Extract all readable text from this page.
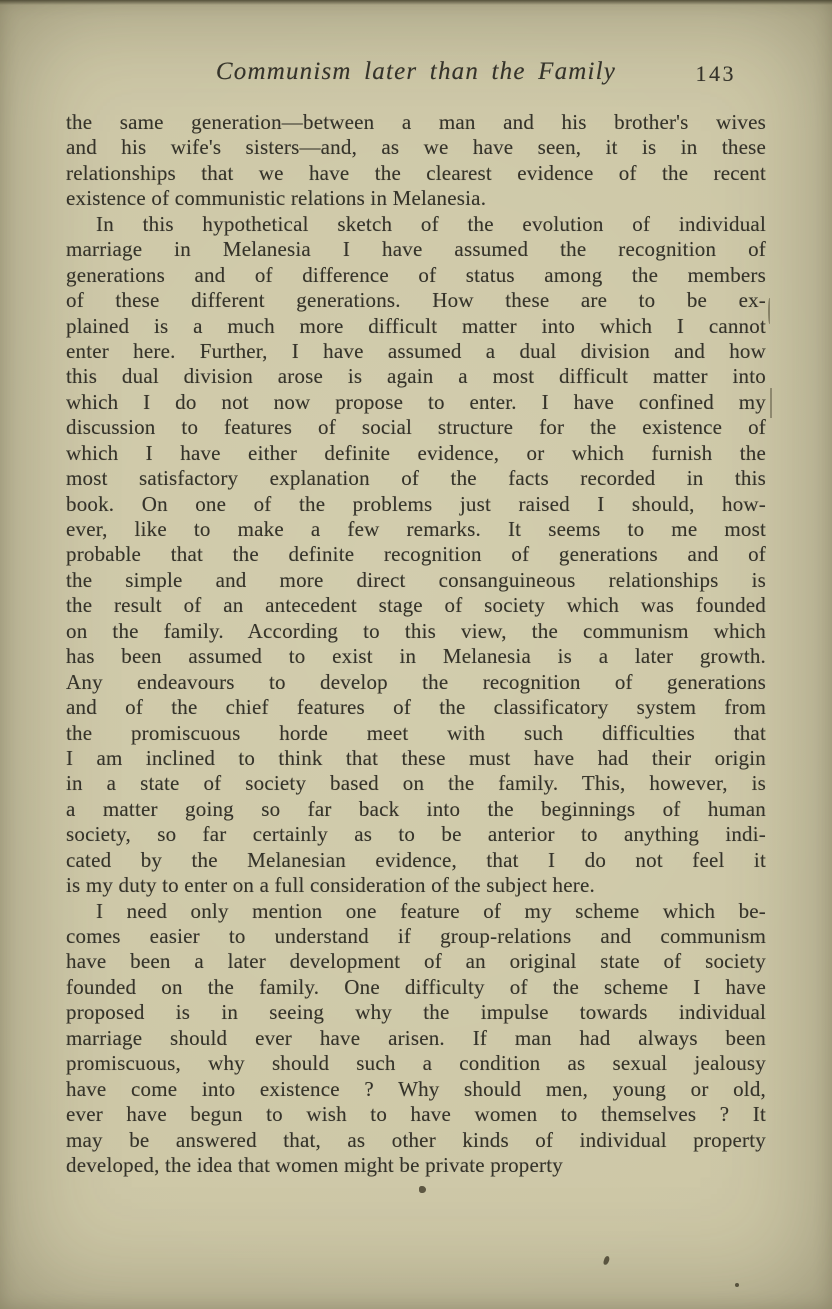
Communism later than the Family	143
the same generation—between a man and his brother's wives
and his wife's sisters—and, as we have seen, it is in these
relationships that we have the clearest evidence of the recent
existence of communistic relations in Melanesia.
In this hypothetical sketch of the evolution of individual
marriage in Melanesia I have assumed the recognition of
generations and of difference of status among the members
of these different generations. How these are to be ex-
plained is a much more difficult matter into which I cannot
enter here. Further, I have assumed a dual division and how
this dual division arose is again a most difficult matter into
which I do not now propose to enter. I have confined my
discussion to features of social structure for the existence of
which I have either definite evidence, or which furnish the
most satisfactory explanation of the facts recorded in this
book. On one of the problems just raised I should, how-
ever, like to make a few remarks. It seems to me most
probable that the definite recognition of generations and of
the simple and more direct consanguineous relationships is
the result of an antecedent stage of society which was founded
on the family. According to this view, the communism which
has been assumed to exist in Melanesia is a later growth.
Any endeavours to develop the recognition of generations
and of the chief features of the classificatory system from
the promiscuous horde meet with such difficulties that
I am inclined to think that these must have had their origin
in a state of society based on the family. This, however, is
a matter going so far back into the beginnings of human
society, so far certainly as to be anterior to anything indi-
cated by the Melanesian evidence, that I do not feel it
is my duty to enter on a full consideration of the subject here.
I need only mention one feature of my scheme which be-
comes easier to understand if group-relations and communism
have been a later development of an original state of society
founded on the family. One difficulty of the scheme I have
proposed is in seeing why the impulse towards individual
marriage should ever have arisen. If man had always been
promiscuous, why should such a condition as sexual jealousy
have come into existence ? Why should men, young or old,
ever have begun to wish to have women to themselves ? It
may be answered that, as other kinds of individual property
developed, the idea that women might be private property
